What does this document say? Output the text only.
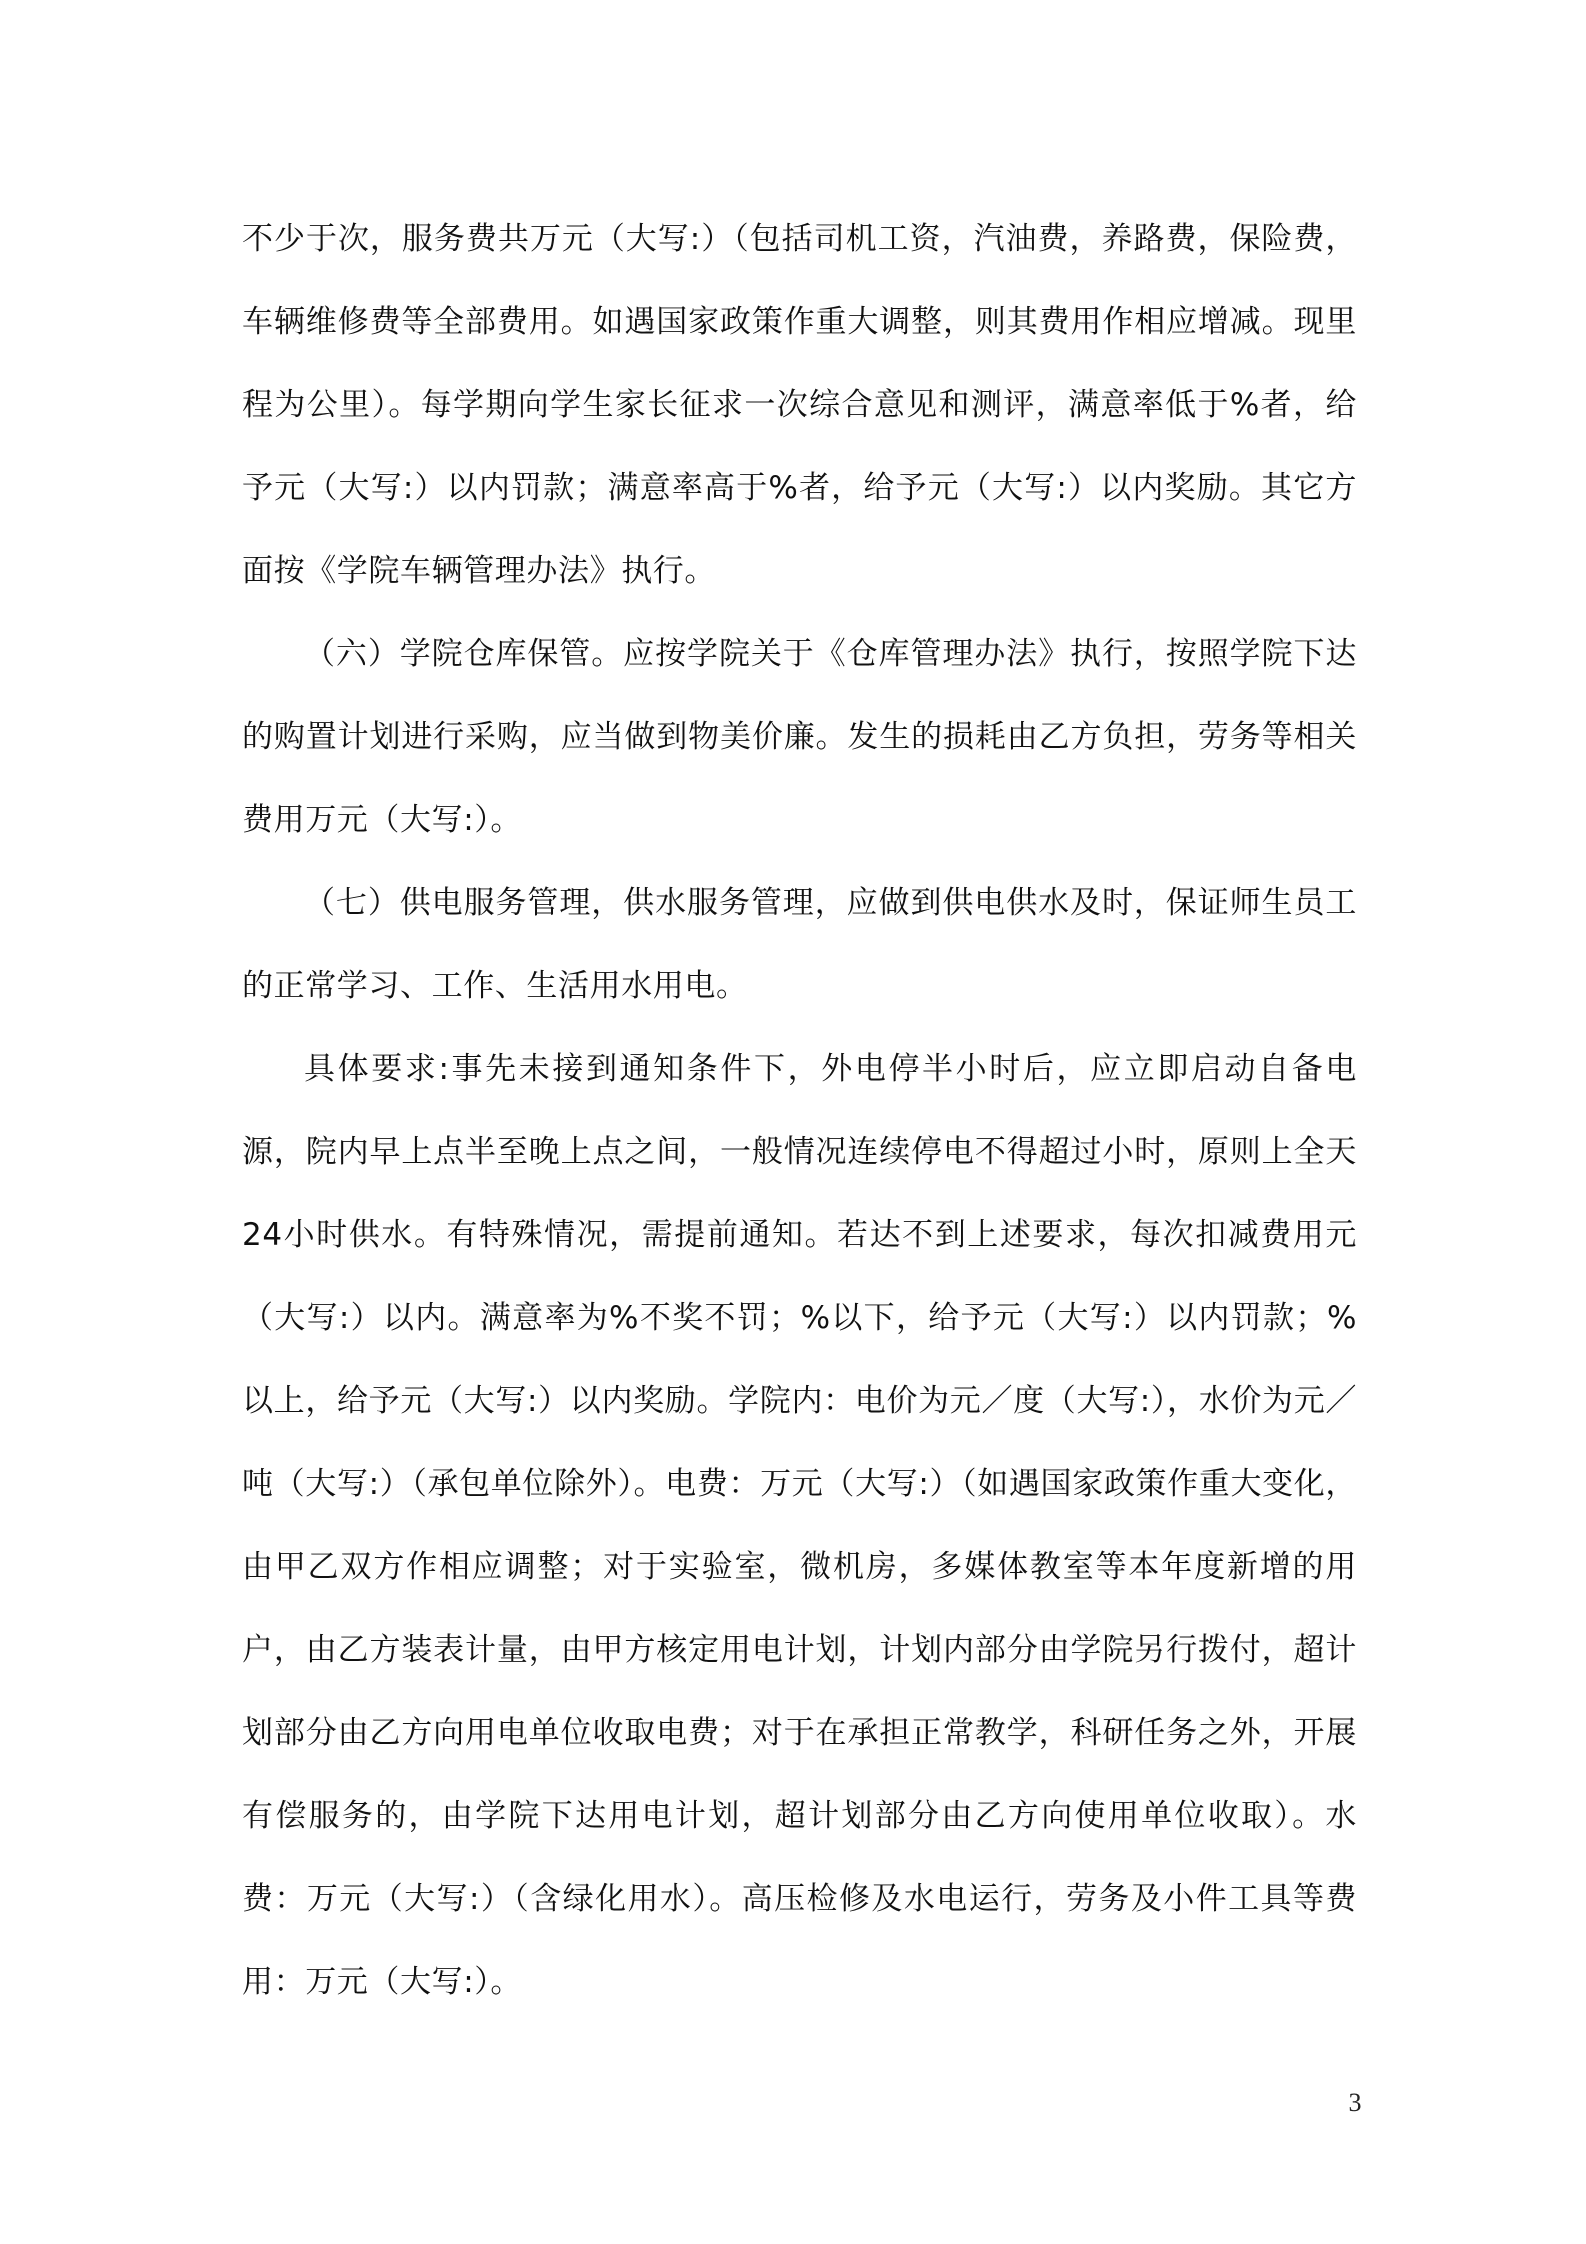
不少于次，服务费共万元（大写:）（包括司机工资，汽油费，养路费，保险费，车辆维修费等全部费用。如遇国家政策作重大调整，则其费用作相应增减。现里程为公里）。每学期向学生家长征求一次综合意见和测评，满意率低于%者，给予元（大写:）以内罚款；满意率高于%者，给予元（大写:）以内奖励。其它方面按《学院车辆管理办法》执行。

（六）学院仓库保管。应按学院关于《仓库管理办法》执行，按照学院下达的购置计划进行采购，应当做到物美价廉。发生的损耗由乙方负担，劳务等相关费用万元（大写:）。

（七）供电服务管理，供水服务管理，应做到供电供水及时，保证师生员工的正常学习、工作、生活用水用电。

具体要求:事先未接到通知条件下，外电停半小时后，应立即启动自备电源，院内早上点半至晚上点之间，一般情况连续停电不得超过小时，原则上全天24小时供水。有特殊情况，需提前通知。若达不到上述要求，每次扣减费用元（大写:）以内。满意率为%不奖不罚；%以下，给予元（大写:）以内罚款；%以上，给予元（大写:）以内奖励。学院内：电价为元／度（大写:），水价为元／吨（大写:）（承包单位除外）。电费：万元（大写:）（如遇国家政策作重大变化，由甲乙双方作相应调整；对于实验室，微机房，多媒体教室等本年度新增的用户，由乙方装表计量，由甲方核定用电计划，计划内部分由学院另行拨付，超计划部分由乙方向用电单位收取电费；对于在承担正常教学，科研任务之外，开展有偿服务的，由学院下达用电计划，超计划部分由乙方向使用单位收取）。水费：万元（大写:）（含绿化用水）。高压检修及水电运行，劳务及小件工具等费用：万元（大写:）。

3
